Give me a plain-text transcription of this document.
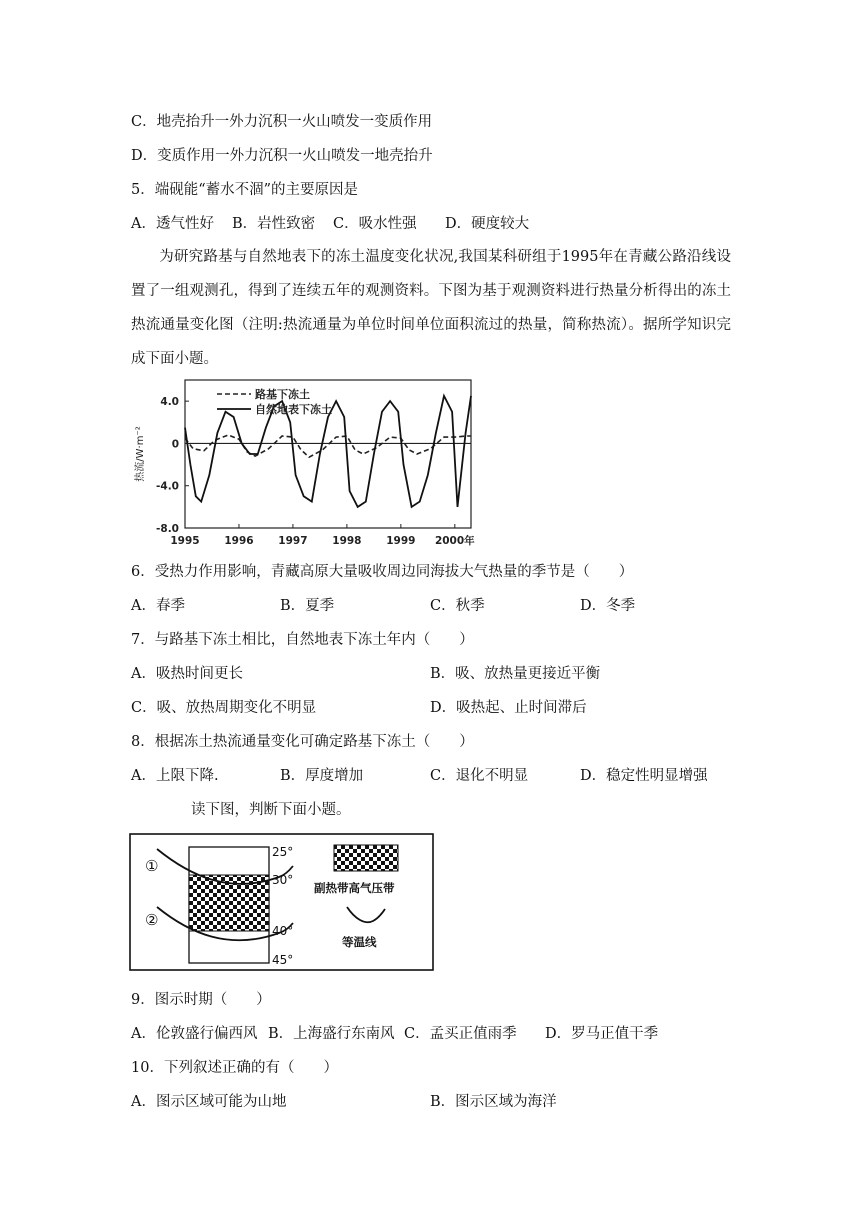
C．地壳抬升一外力沉积一火山喷发一变质作用
D．变质作用一外力沉积一火山喷发一地壳抬升
5．端砚能“蓄水不涸”的主要原因是
A．透气性好 B．岩性致密 C．吸水性强 D．硬度较大
为研究路基与自然地表下的冻土温度变化状况,我国某科研组于1995年在青藏公路沿线设置了一组观测孔，得到了连续五年的观测资料。下图为基于观测资料进行热量分析得出的冻土热流通量变化图（注明:热流通量为单位时间单位面积流过的热量，简称热流）。据所学知识完成下面小题。
4.0
0
-4.0
-8.0
1995 1996 1997 1998 1999 2000年
热流/W·m⁻²
路基下冻土
自然地表下冻土
6．受热力作用影响，青藏高原大量吸收周边同海拔大气热量的季节是（　　）
A．春季	B．夏季	C．秋季	D．冬季
7．与路基下冻土相比，自然地表下冻土年内（　　）
A．吸热时间更长	B．吸、放热量更接近平衡
C．吸、放热周期变化不明显	D．吸热起、止时间滞后
8．根据冻土热流通量变化可确定路基下冻土（　　）
A．上限下降.	B．厚度增加	C．退化不明显	D．稳定性明显增强
读下图，判断下面小题。
①
②
25°
30°
40°
45°
副热带高气压带
等温线
9．图示时期（　　）
A．伦敦盛行偏西风 B．上海盛行东南风 C．孟买正值雨季 D．罗马正值干季
10．下列叙述正确的有（　　）
A．图示区域可能为山地	B．图示区域为海洋
